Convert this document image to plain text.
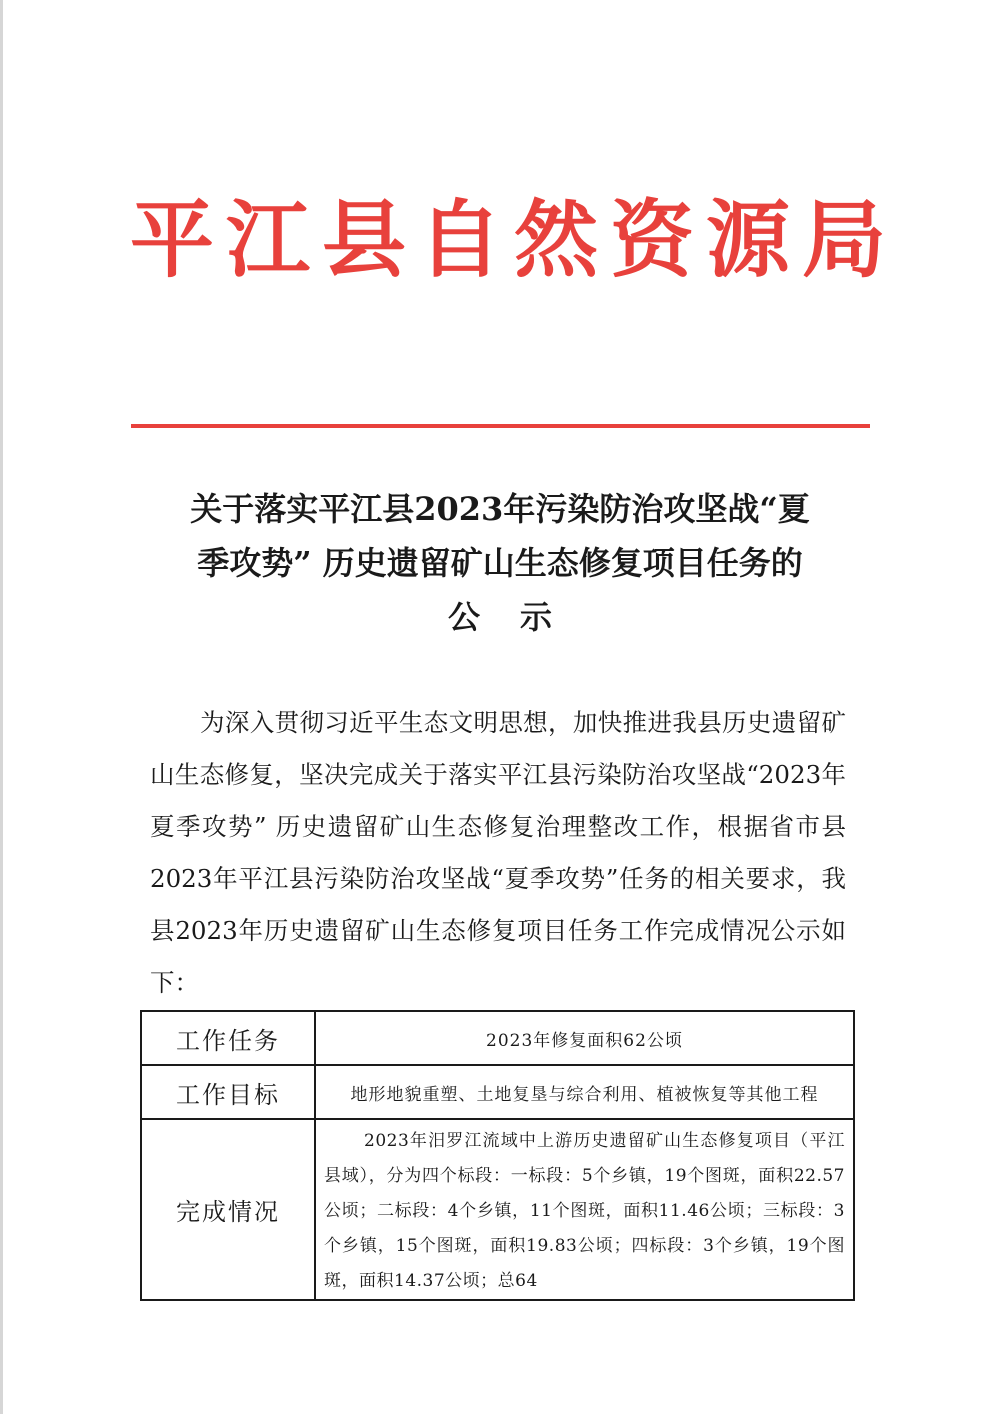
平江县自然资源局
关于落实平江县2023年污染防治攻坚战“夏
季攻势” 历史遗留矿山生态修复项目任务的
公示
为深入贯彻习近平生态文明思想，加快推进我县历史遗留矿山生态修复，坚决完成关于落实平江县污染防治攻坚战“2023年夏季攻势” 历史遗留矿山生态修复治理整改工作，根据省市县2023年平江县污染防治攻坚战“夏季攻势”任务的相关要求，我县2023年历史遗留矿山生态修复项目任务工作完成情况公示如下：
工作任务	2023年修复面积62公顷
工作目标	地形地貌重塑、土地复垦与综合利用、植被恢复等其他工程
完成情况	2023年汨罗江流域中上游历史遗留矿山生态修复项目（平江县域），分为四个标段：一标段：5个乡镇，19个图斑，面积22.57公顷；二标段：4个乡镇，11个图斑，面积11.46公顷；三标段：3个乡镇，15个图斑，面积19.83公顷；四标段：3个乡镇，19个图斑，面积14.37公顷；总64
